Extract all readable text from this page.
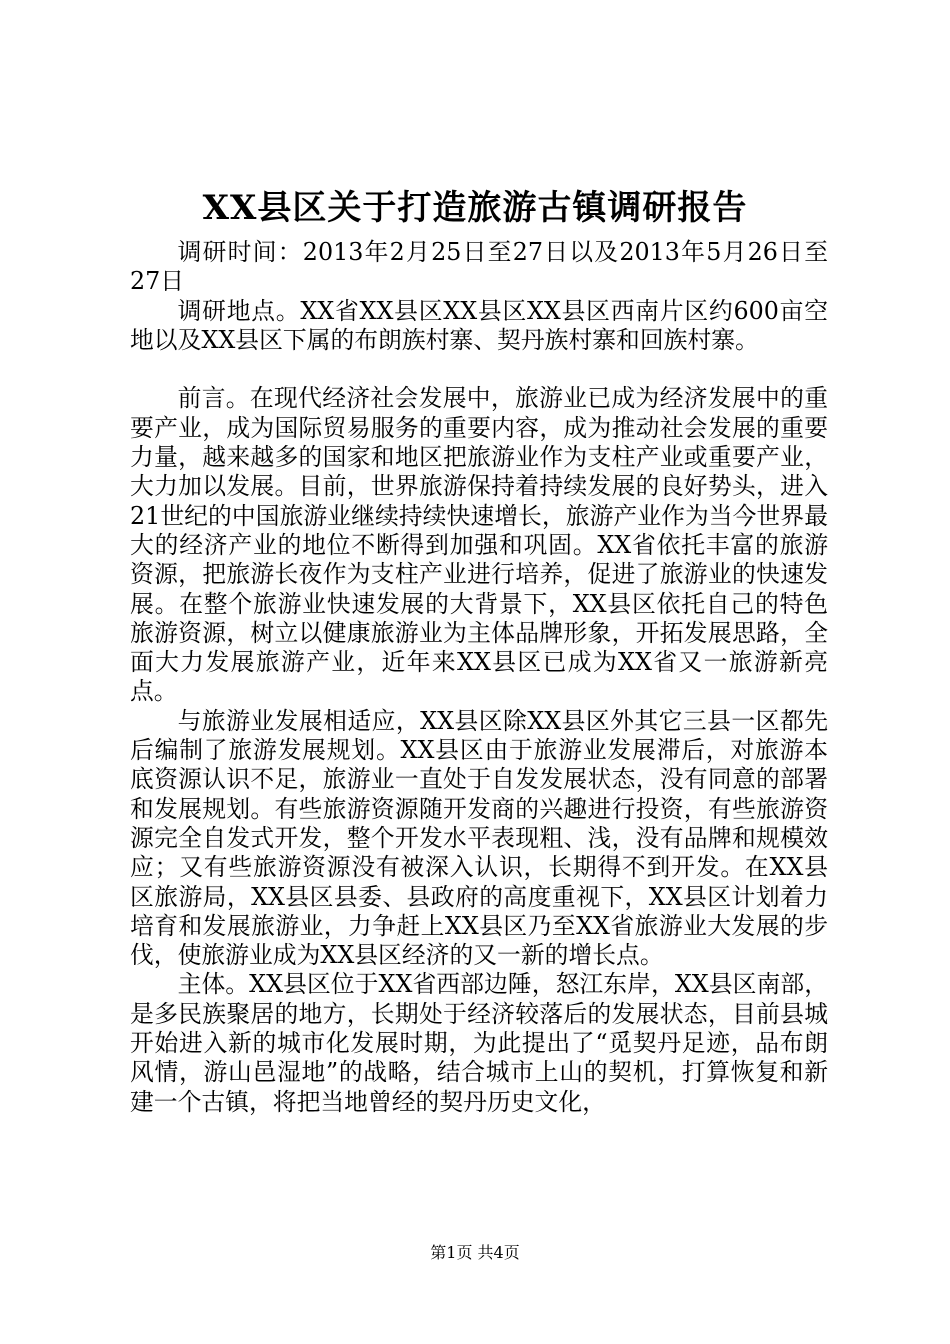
XX县区关于打造旅游古镇调研报告

调研时间：2013年2月25日至27日以及2013年5月26日至27日

调研地点。XX省XX县区XX县区XX县区西南片区约600亩空地以及XX县区下属的布朗族村寨、契丹族村寨和回族村寨。

前言。在现代经济社会发展中，旅游业已成为经济发展中的重要产业，成为国际贸易服务的重要内容，成为推动社会发展的重要力量，越来越多的国家和地区把旅游业作为支柱产业或重要产业，大力加以发展。目前，世界旅游保持着持续发展的良好势头，进入21世纪的中国旅游业继续持续快速增长，旅游产业作为当今世界最大的经济产业的地位不断得到加强和巩固。XX省依托丰富的旅游资源，把旅游长夜作为支柱产业进行培养，促进了旅游业的快速发展。在整个旅游业快速发展的大背景下，XX县区依托自己的特色旅游资源，树立以健康旅游业为主体品牌形象，开拓发展思路，全面大力发展旅游产业，近年来XX县区已成为XX省又一旅游新亮点。

与旅游业发展相适应，XX县区除XX县区外其它三县一区都先后编制了旅游发展规划。XX县区由于旅游业发展滞后，对旅游本底资源认识不足，旅游业一直处于自发发展状态，没有同意的部署和发展规划。有些旅游资源随开发商的兴趣进行投资，有些旅游资源完全自发式开发，整个开发水平表现粗、浅，没有品牌和规模效应；又有些旅游资源没有被深入认识，长期得不到开发。在XX县区旅游局，XX县区县委、县政府的高度重视下，XX县区计划着力培育和发展旅游业，力争赶上XX县区乃至XX省旅游业大发展的步伐，使旅游业成为XX县区经济的又一新的增长点。

主体。XX县区位于XX省西部边陲，怒江东岸，XX县区南部，是多民族聚居的地方，长期处于经济较落后的发展状态，目前县城开始进入新的城市化发展时期，为此提出了“觅契丹足迹，品布朗风情，游山邑湿地”的战略，结合城市上山的契机，打算恢复和新建一个古镇，将把当地曾经的契丹历史文化，

第1页 共4页
